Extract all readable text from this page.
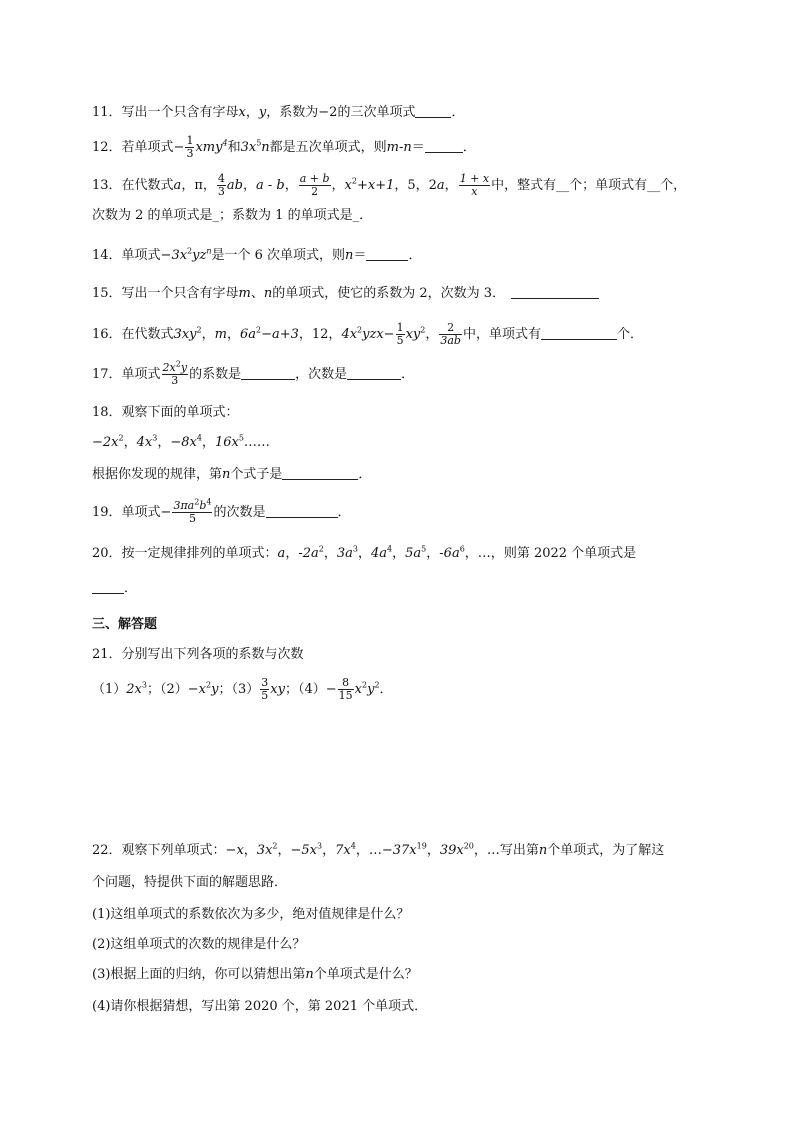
11．写出一个只含有字母x，y，系数为−2的三次单项式	．
12．若单项式− $\frac{1}{3} xmy^4$和$3x^5n$都是五次单项式，则m-n＝	．
13．在代数式a，π， $\frac{4}{3}$ ab，a - b， $\frac{a + b}{2}$ ，$x^2+x+1$，5，2a， $\frac{1 + x}{x}$ 中，整式有__个；单项式有__个，
次数为 2 的单项式是_；系数为 1 的单项式是_．
14．单项式$-3x^2yz^n$是一个 6 次单项式，则n＝	．
15．写出一个只含有字母m、n的单项式，使它的系数为 2，次数为 3．
16．在代数式$3xy^2$，m，$6a^2-a+3$，12，$4x^2yzx- \frac{1}{5} xy^2$， $\frac{2}{3ab}$ 中，单项式有	个．
17．单项式 $\frac{2x^2y}{3}$ 的系数是	，次数是	．
18．观察下面的单项式：
$-2x^2$，$4x^3$，$-8x^4$，$16x^5\dots\dots$
根据你发现的规律，第n个式子是	．
19．单项式− $\frac{3\pi a^2b^4}{5}$ 的次数是	．
20．按一定规律排列的单项式：a，$-2a^2$，$3a^3$，$4a^4$，$5a^5$，$-6a^6$，…，则第 2022 个单项式是
．
三、解答题
21．分别写出下列各项的系数与次数
$(1)2x^3$；$(2)-x^2y$；$(3) \frac{3}{5}$ xy；$(4)- \frac{8}{15} x^2y^2$．
22．观察下列单项式：−x，$3x^2$，$-5x^3$，$7x^4$，$\dots-37x^{19}$，$39x^{20}$，…写出第n个单项式，为了解这
个问题，特提供下面的解题思路．
(1)这组单项式的系数依次为多少，绝对值规律是什么？
(2)这组单项式的次数的规律是什么？
(3)根据上面的归纳，你可以猜想出第n个单项式是什么？
(4)请你根据猜想，写出第 2020 个，第 2021 个单项式．
